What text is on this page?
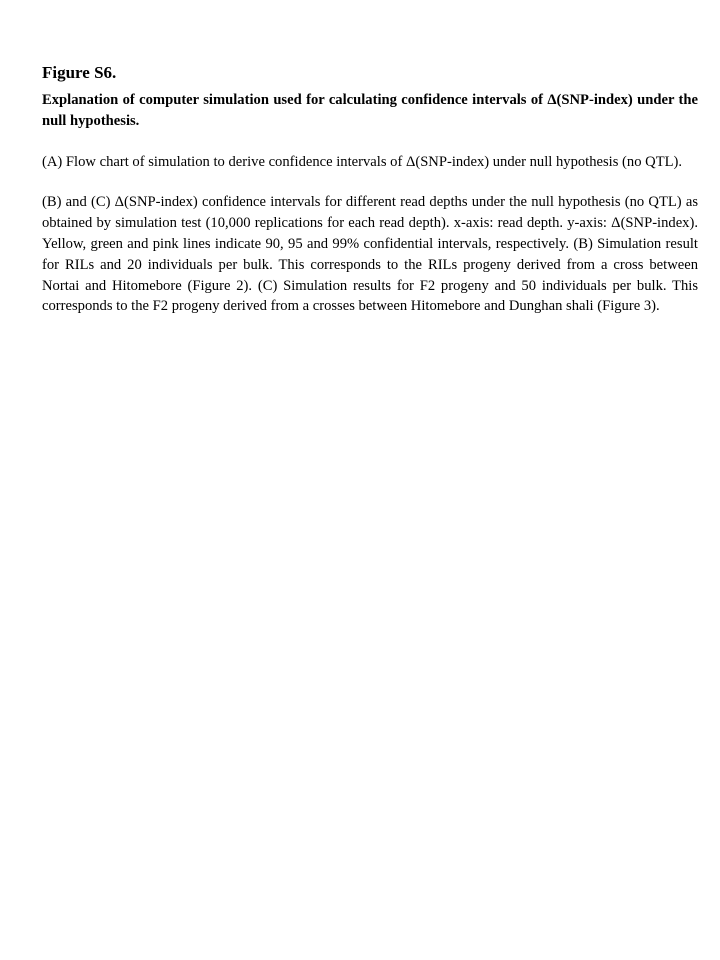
Figure S6.

Explanation of computer simulation used for calculating confidence intervals of Δ(SNP-index) under the null hypothesis.

(A) Flow chart of simulation to derive confidence intervals of Δ(SNP-index) under null hypothesis (no QTL).

(B) and (C) Δ(SNP-index) confidence intervals for different read depths under the null hypothesis (no QTL) as obtained by simulation test (10,000 replications for each read depth). x-axis: read depth. y-axis: Δ(SNP-index). Yellow, green and pink lines indicate 90, 95 and 99% confidential intervals, respectively. (B) Simulation result for RILs and 20 individuals per bulk. This corresponds to the RILs progeny derived from a cross between Nortai and Hitomebore (Figure 2). (C) Simulation results for F2 progeny and 50 individuals per bulk. This corresponds to the F2 progeny derived from a crosses between Hitomebore and Dunghan shali (Figure 3).
